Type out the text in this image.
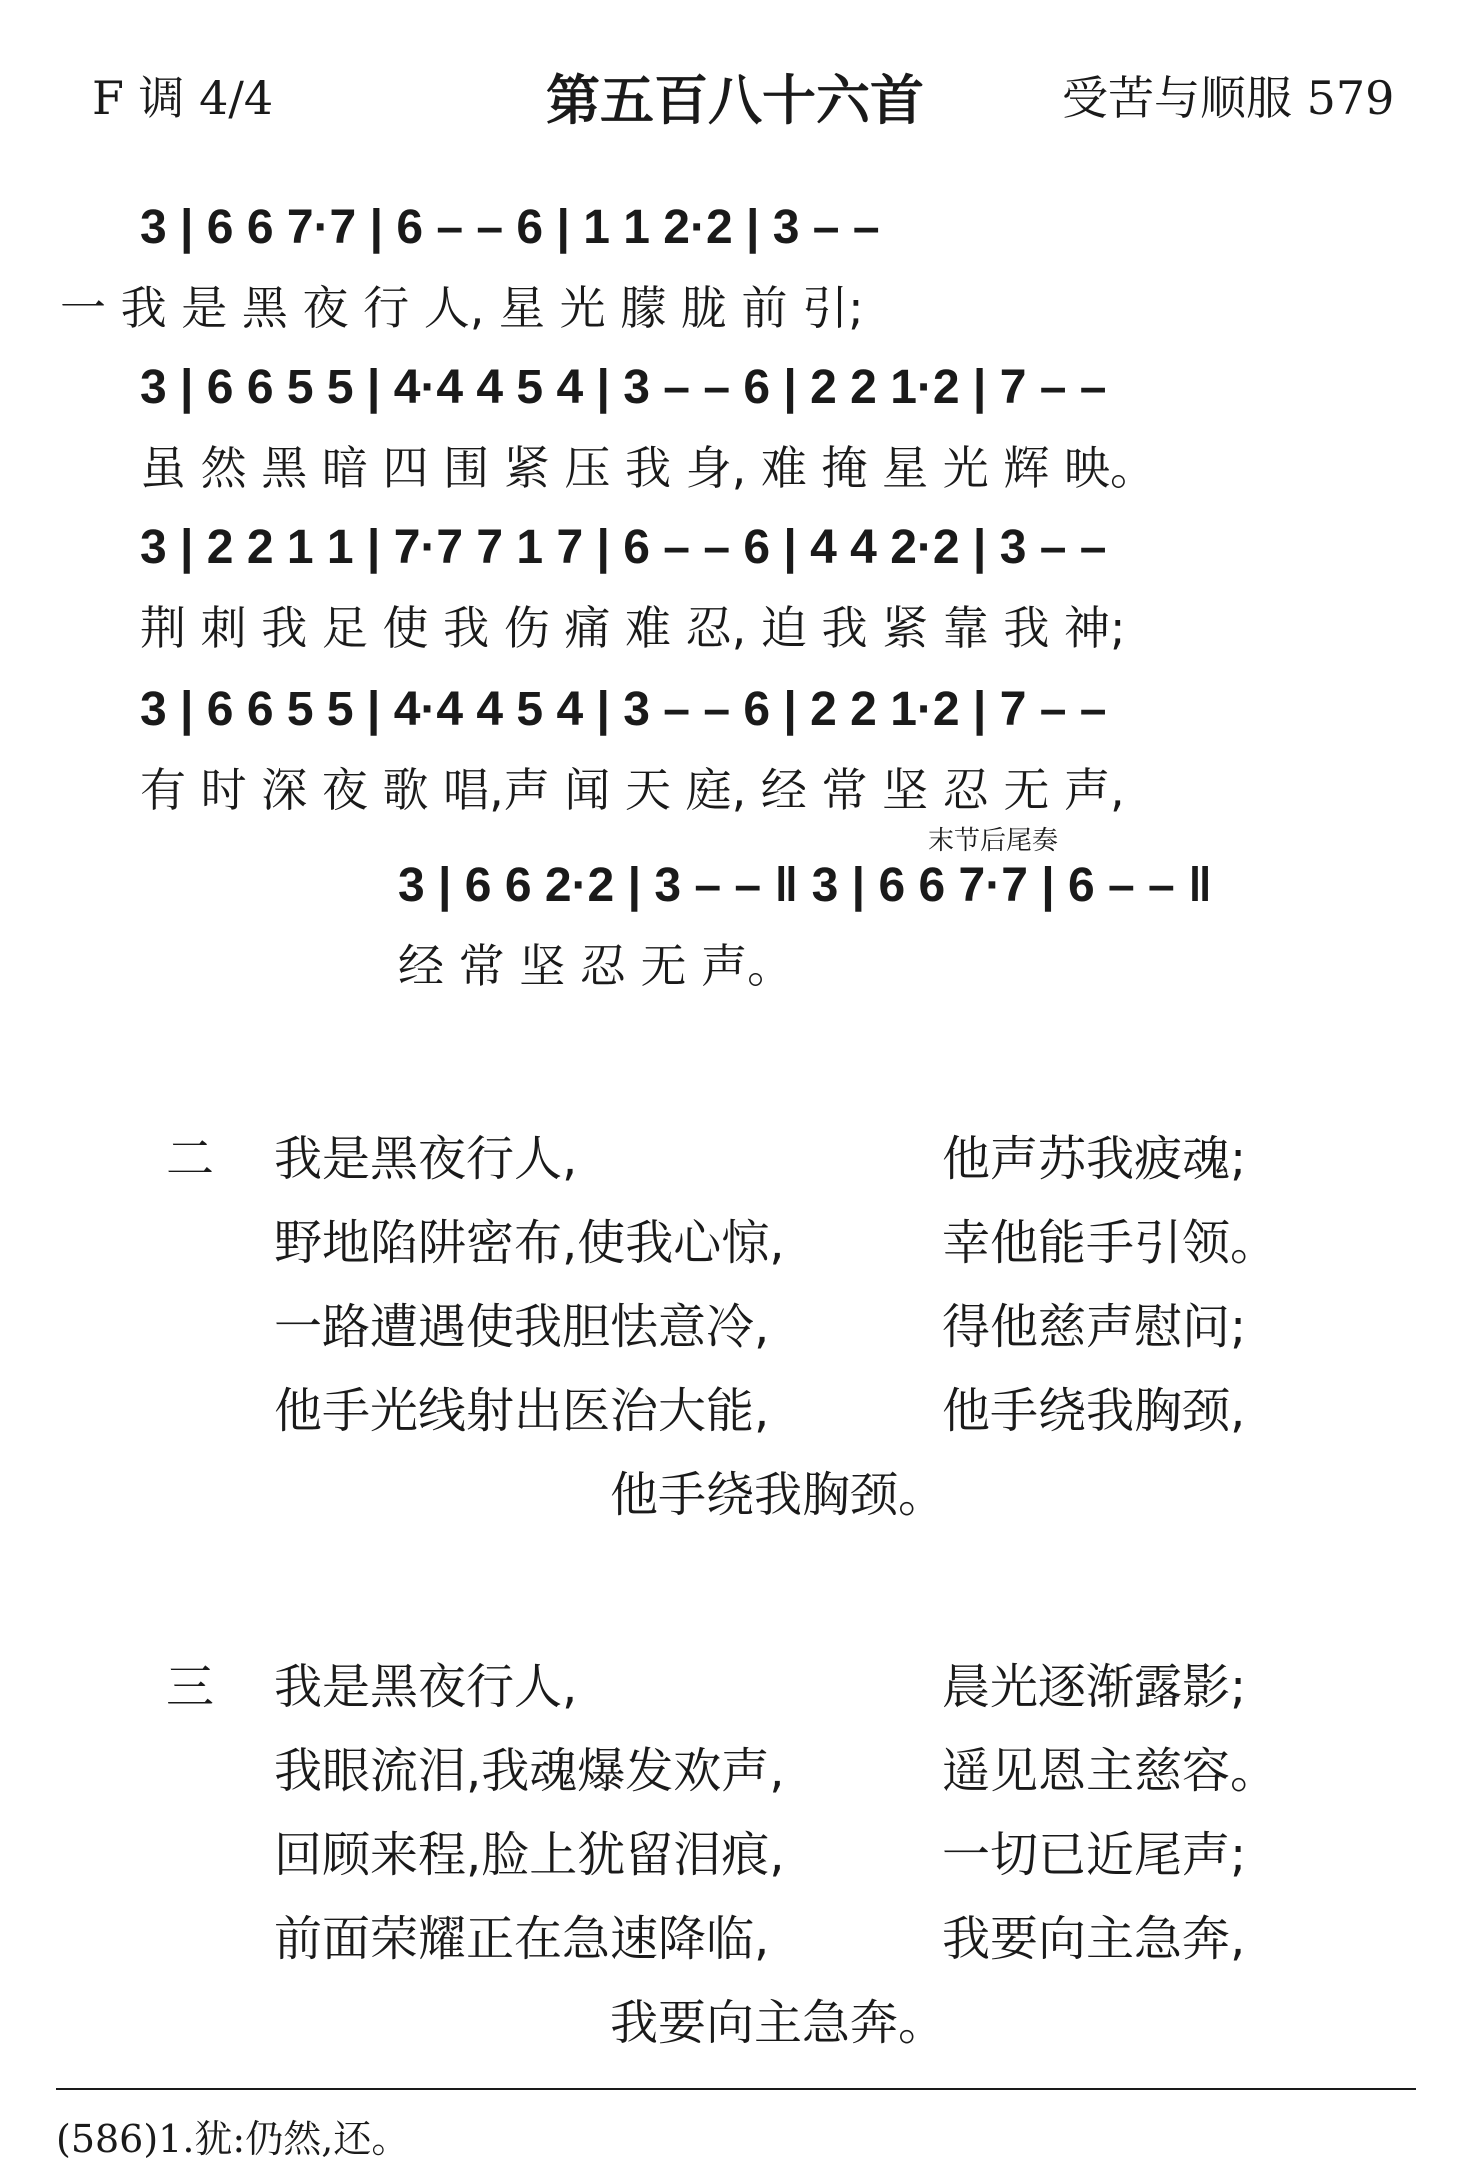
F 调 4/4	第五百八十六首	受苦与顺服 579
3 | 6 6 7·7 | 6 – – 6 | 1 1 2·2 | 3 – –
一 我 是 黑 夜 行 人, 星 光 朦 胧 前 引;
3 | 6 6 5 5 | 4·4 4 5 4 | 3 – – 6 | 2 2 1·2 | 7 – –
虽 然 黑 暗 四 围 紧 压 我 身, 难 掩 星 光 辉 映。
3 | 2 2 1 1 | 7·7 7 1 7 | 6 – – 6 | 4 4 2·2 | 3 – –
荆 刺 我 足 使 我 伤 痛 难 忍, 迫 我 紧 靠 我 神;
3 | 6 6 5 5 | 4·4 4 5 4 | 3 – – 6 | 2 2 1·2 | 7 – –
有 时 深 夜 歌 唱,声 闻 天 庭, 经 常 坚 忍 无 声,
末节后尾奏
3 | 6 6 2·2 | 3 – – ‖ 3 | 6 6 7·7 | 6 – – ‖
经 常 坚 忍 无 声。
二 我是黑夜行人,	他声苏我疲魂;
野地陷阱密布,使我心惊,	幸他能手引领。
一路遭遇使我胆怯意冷,	得他慈声慰问;
他手光线射出医治大能,	他手绕我胸颈,
他手绕我胸颈。
三 我是黑夜行人,	晨光逐渐露影;
我眼流泪,我魂爆发欢声,	遥见恩主慈容。
回顾来程,脸上犹留泪痕,	一切已近尾声;
前面荣耀正在急速降临,	我要向主急奔,
我要向主急奔。
(586)1.犹:仍然,还。
